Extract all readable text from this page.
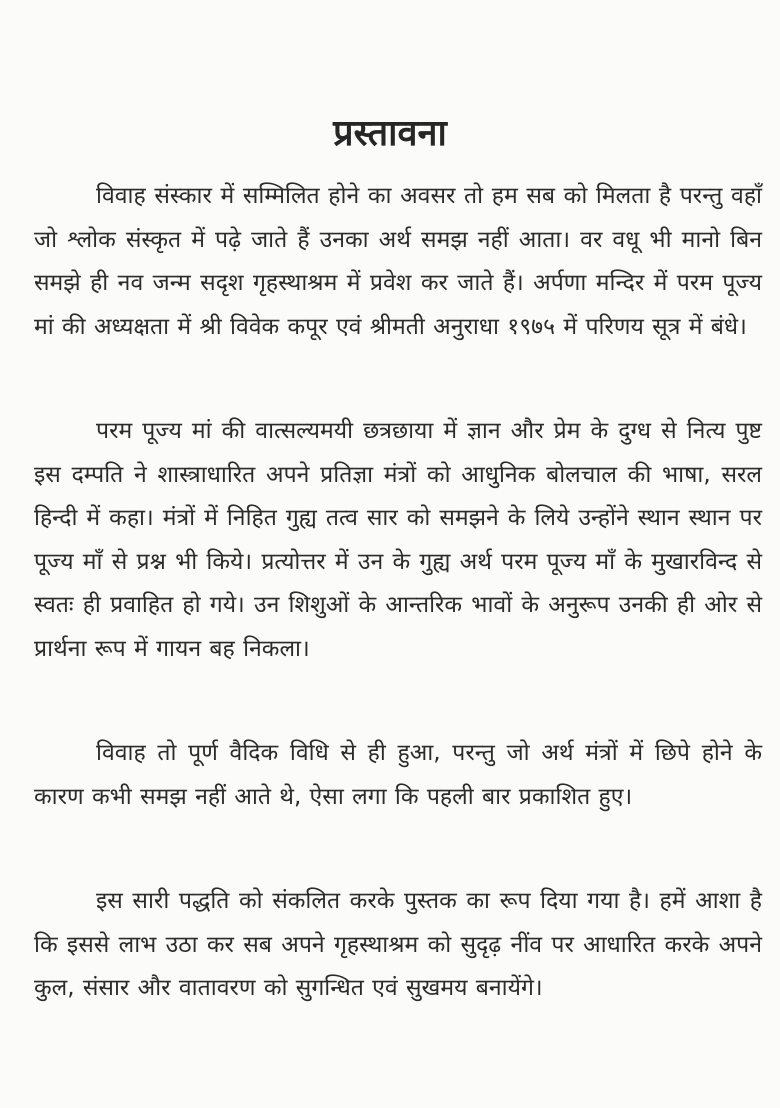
प्रस्तावना

विवाह संस्कार में सम्मिलित होने का अवसर तो हम सब को मिलता है परन्तु वहाँ जो श्लोक संस्कृत में पढ़े जाते हैं उनका अर्थ समझ नहीं आता। वर वधू भी मानो बिन समझे ही नव जन्म सदृश गृहस्थाश्रम में प्रवेश कर जाते हैं। अर्पणा मन्दिर में परम पूज्य मां की अध्यक्षता में श्री विवेक कपूर एवं श्रीमती अनुराधा १९७५ में परिणय सूत्र में बंधे।

परम पूज्य मां की वात्सल्यमयी छत्रछाया में ज्ञान और प्रेम के दुग्ध से नित्य पुष्ट इस दम्पति ने शास्त्राधारित अपने प्रतिज्ञा मंत्रों को आधुनिक बोलचाल की भाषा, सरल हिन्दी में कहा। मंत्रों में निहित गुह्य तत्व सार को समझने के लिये उन्होंने स्थान स्थान पर पूज्य माँ से प्रश्न भी किये। प्रत्योत्तर में उन के गुह्य अर्थ परम पूज्य माँ के मुखारविन्द से स्वतः ही प्रवाहित हो गये। उन शिशुओं के आन्तरिक भावों के अनुरूप उनकी ही ओर से प्रार्थना रूप में गायन बह निकला।

विवाह तो पूर्ण वैदिक विधि से ही हुआ, परन्तु जो अर्थ मंत्रों में छिपे होने के कारण कभी समझ नहीं आते थे, ऐसा लगा कि पहली बार प्रकाशित हुए।

इस सारी पद्धति को संकलित करके पुस्तक का रूप दिया गया है। हमें आशा है कि इससे लाभ उठा कर सब अपने गृहस्थाश्रम को सुदृढ़ नींव पर आधारित करके अपने कुल, संसार और वातावरण को सुगन्धित एवं सुखमय बनायेंगे।
